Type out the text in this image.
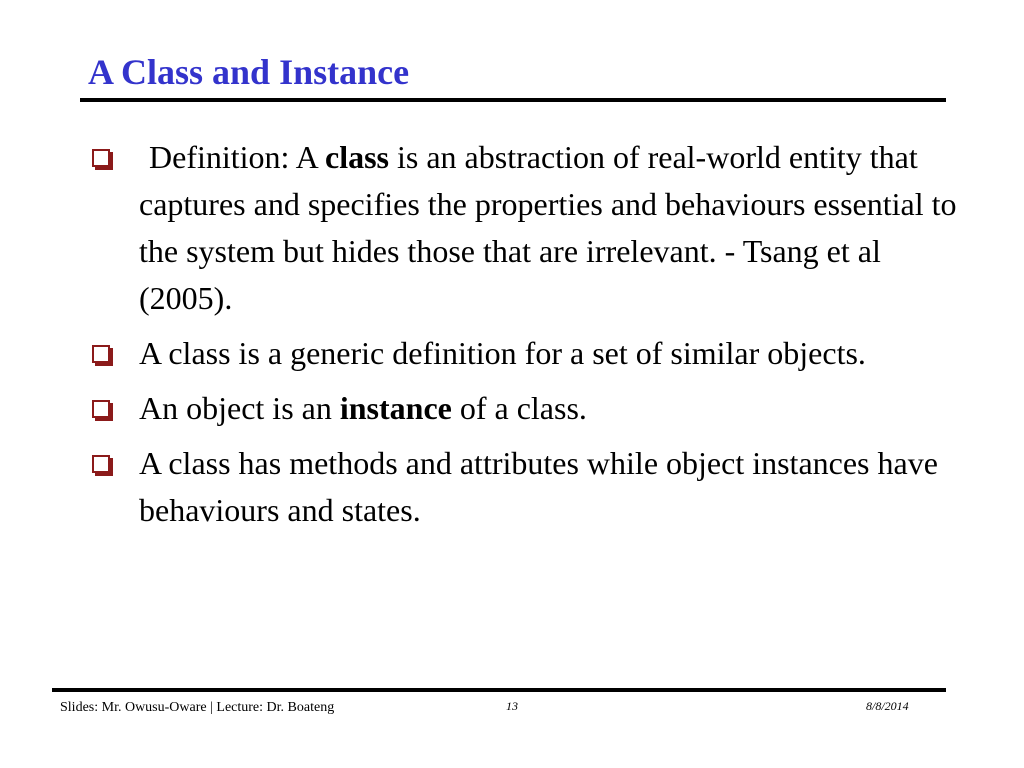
A Class and Instance
Definition: A class is an abstraction of real-world entity that captures and specifies the properties and behaviours essential to the system but hides those that are irrelevant. - Tsang et al (2005).
A class is a generic definition for a set of similar objects.
An object is an instance of a class.
A class has methods and attributes while object instances have behaviours and states.
Slides: Mr. Owusu-Oware | Lecture: Dr. Boateng	13	8/8/2014
